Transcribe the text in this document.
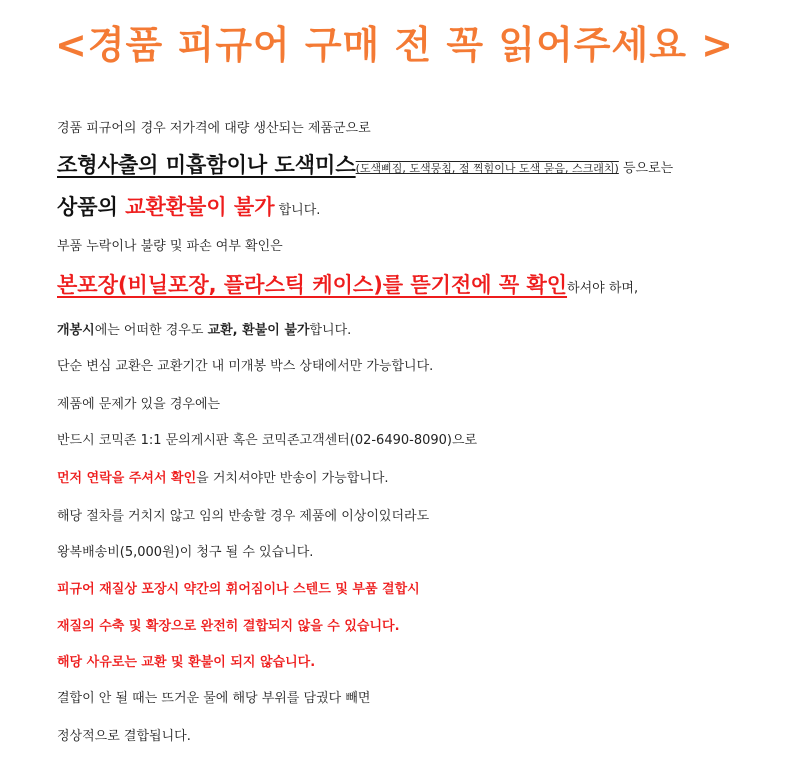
<경품 피규어 구매 전 꼭 읽어주세요 >
경품 피규어의 경우 저가격에 대량 생산되는 제품군으로
조형사출의 미흡함이나 도색미스(도색삐짐, 도색뭉침, 점 찍힘이나 도색 묻음, 스크래치) 등으로는
상품의 교환환불이 불가 합니다.
부품 누락이나 불량 및 파손 여부 확인은
본포장(비닐포장, 플라스틱 케이스)를 뜯기전에 꼭 확인하셔야 하며,
개봉시에는 어떠한 경우도 교환, 환불이 불가합니다.
단순 변심 교환은 교환기간 내 미개봉 박스 상태에서만 가능합니다.
제품에 문제가 있을 경우에는
반드시 코믹존 1:1 문의게시판 혹은 코믹존고객센터(02-6490-8090)으로
먼저 연락을 주셔서 확인을 거치셔야만 반송이 가능합니다.
해당 절차를 거치지 않고 임의 반송할 경우 제품에 이상이있더라도
왕복배송비(5,000원)이 청구 될 수 있습니다.
피규어 재질상 포장시 약간의 휘어짐이나 스텐드 및 부품 결합시
재질의 수축 및 확장으로 완전히 결합되지 않을 수 있습니다.
해당 사유로는 교환 및 환불이 되지 않습니다.
결합이 안 될 때는 뜨거운 물에 해당 부위를 담궜다 빼면
정상적으로 결합됩니다.
